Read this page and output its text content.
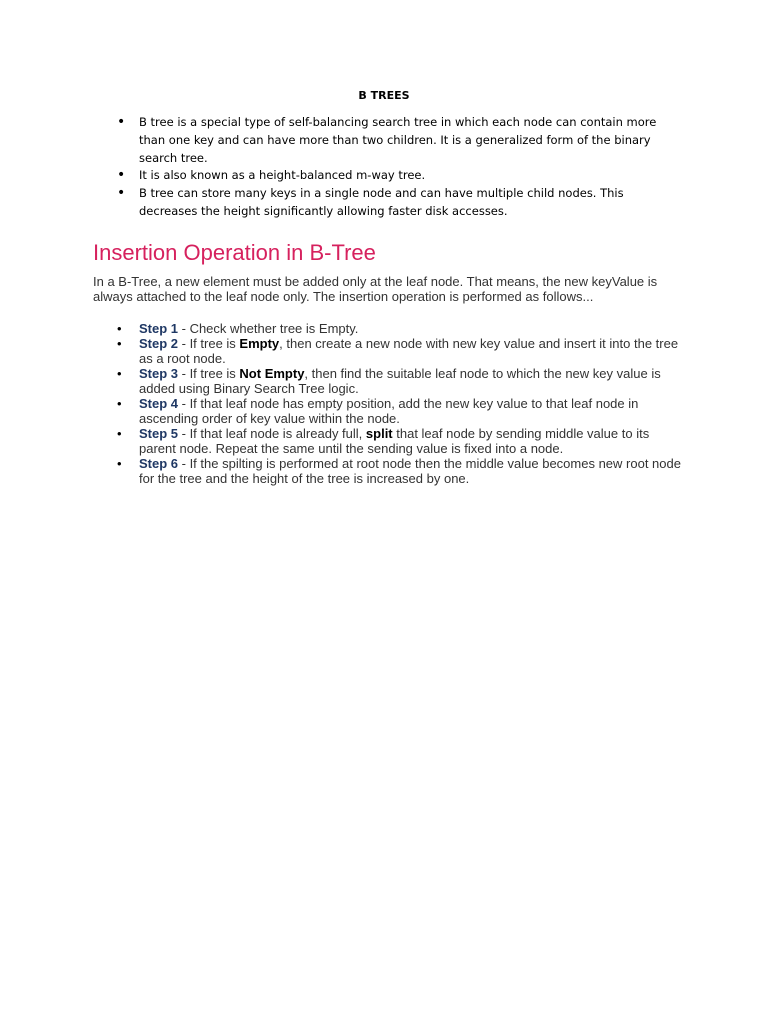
B TREES
• B tree is a special type of self-balancing search tree in which each node can contain more than one key and can have more than two children. It is a generalized form of the binary search tree.
• It is also known as a height-balanced m-way tree.
• B tree can store many keys in a single node and can have multiple child nodes. This decreases the height significantly allowing faster disk accesses.
Insertion Operation in B-Tree

In a B-Tree, a new element must be added only at the leaf node. That means, the new keyValue is always attached to the leaf node only. The insertion operation is performed as follows...

• Step 1 - Check whether tree is Empty.
• Step 2 - If tree is Empty, then create a new node with new key value and insert it into the tree as a root node.
• Step 3 - If tree is Not Empty, then find the suitable leaf node to which the new key value is added using Binary Search Tree logic.
• Step 4 - If that leaf node has empty position, add the new key value to that leaf node in ascending order of key value within the node.
• Step 5 - If that leaf node is already full, split that leaf node by sending middle value to its parent node. Repeat the same until the sending value is fixed into a node.
• Step 6 - If the spilting is performed at root node then the middle value becomes new root node for the tree and the height of the tree is increased by one.
